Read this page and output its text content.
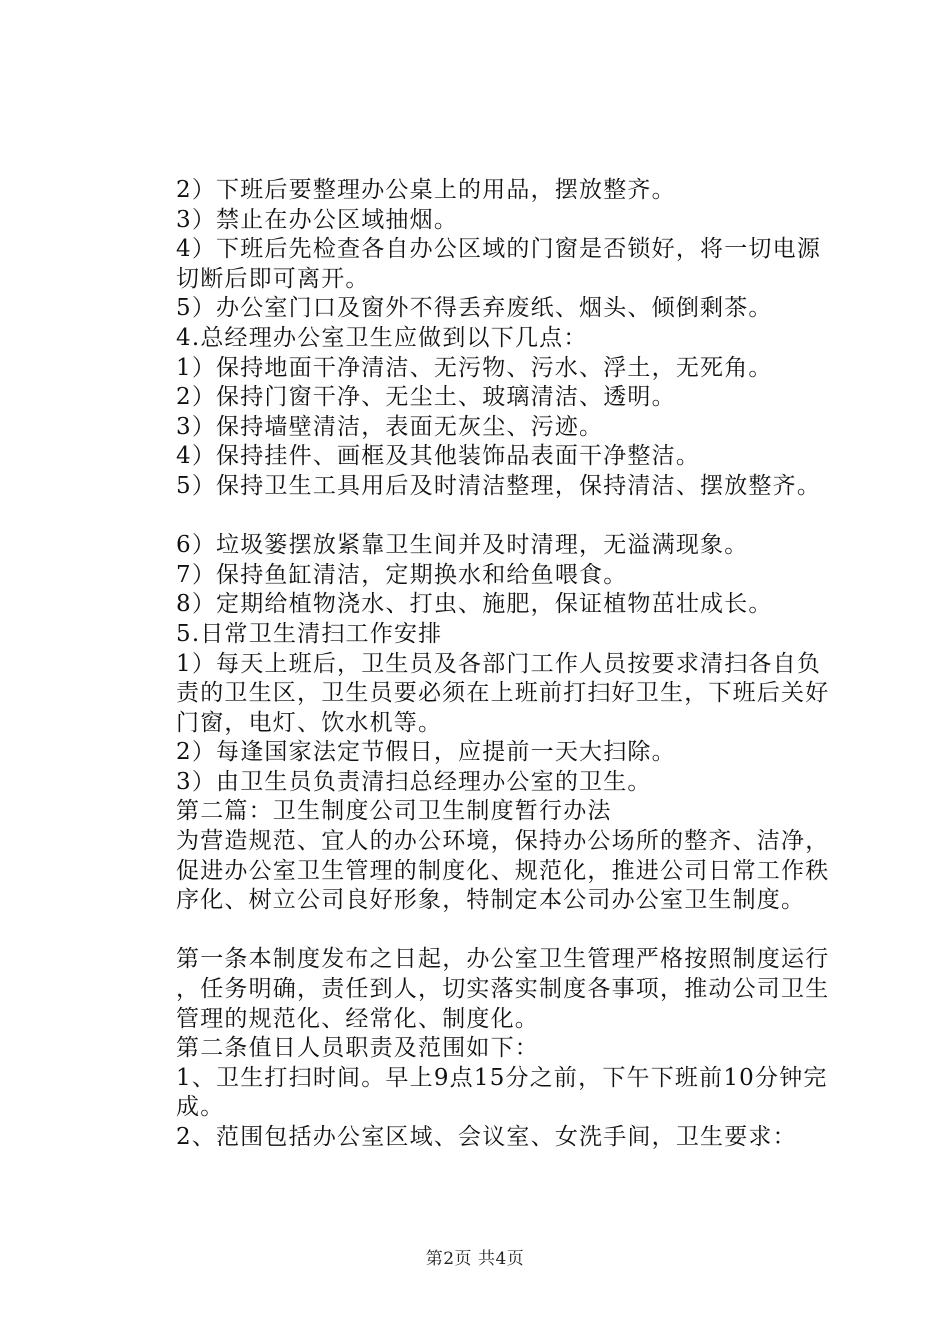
2）下班后要整理办公桌上的用品，摆放整齐。
3）禁止在办公区域抽烟。
4）下班后先检查各自办公区域的门窗是否锁好，将一切电源切断后即可离开。
5）办公室门口及窗外不得丢弃废纸、烟头、倾倒剩茶。
4.总经理办公室卫生应做到以下几点：
1）保持地面干净清洁、无污物、污水、浮土，无死角。
2）保持门窗干净、无尘土、玻璃清洁、透明。
3）保持墙壁清洁，表面无灰尘、污迹。
4）保持挂件、画框及其他装饰品表面干净整洁。
5）保持卫生工具用后及时清洁整理，保持清洁、摆放整齐。
6）垃圾篓摆放紧靠卫生间并及时清理，无溢满现象。
7）保持鱼缸清洁，定期换水和给鱼喂食。
8）定期给植物浇水、打虫、施肥，保证植物茁壮成长。
5.日常卫生清扫工作安排
1）每天上班后，卫生员及各部门工作人员按要求清扫各自负责的卫生区，卫生员要必须在上班前打扫好卫生，下班后关好门窗，电灯、饮水机等。
2）每逢国家法定节假日，应提前一天大扫除。
3）由卫生员负责清扫总经理办公室的卫生。
第二篇：卫生制度公司卫生制度暂行办法
为营造规范、宜人的办公环境，保持办公场所的整齐、洁净，促进办公室卫生管理的制度化、规范化，推进公司日常工作秩序化、树立公司良好形象，特制定本公司办公室卫生制度。
第一条本制度发布之日起，办公室卫生管理严格按照制度运行，任务明确，责任到人，切实落实制度各事项，推动公司卫生管理的规范化、经常化、制度化。
第二条值日人员职责及范围如下：
1、卫生打扫时间。早上9点15分之前，下午下班前10分钟完成。
2、范围包括办公室区域、会议室、女洗手间，卫生要求：
第2页 共4页
